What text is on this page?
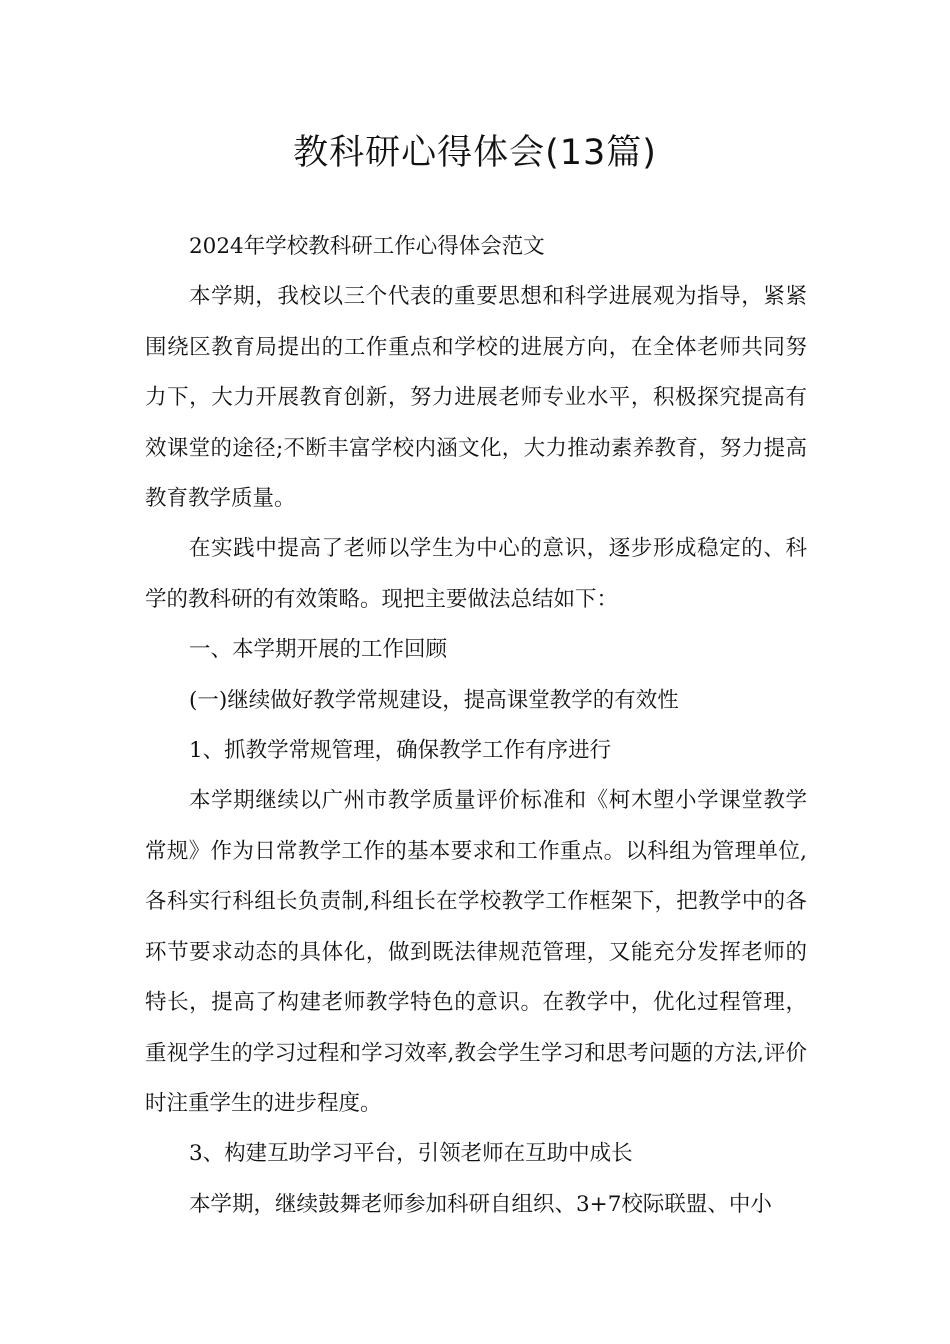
教科研心得体会(13篇)

2024年学校教科研工作心得体会范文

本学期，我校以三个代表的重要思想和科学进展观为指导，紧紧围绕区教育局提出的工作重点和学校的进展方向，在全体老师共同努力下，大力开展教育创新，努力进展老师专业水平，积极探究提高有效课堂的途径;不断丰富学校内涵文化，大力推动素养教育，努力提高教育教学质量。

在实践中提高了老师以学生为中心的意识，逐步形成稳定的、科学的教科研的有效策略。现把主要做法总结如下：

一、本学期开展的工作回顾

(一)继续做好教学常规建设，提高课堂教学的有效性

1、抓教学常规管理，确保教学工作有序进行

本学期继续以广州市教学质量评价标准和《柯木塱小学课堂教学常规》作为日常教学工作的基本要求和工作重点。以科组为管理单位,各科实行科组长负责制,科组长在学校教学工作框架下，把教学中的各环节要求动态的具体化，做到既法律规范管理，又能充分发挥老师的特长，提高了构建老师教学特色的意识。在教学中，优化过程管理，重视学生的学习过程和学习效率,教会学生学习和思考问题的方法,评价时注重学生的进步程度。

3、构建互助学习平台，引领老师在互助中成长

本学期，继续鼓舞老师参加科研自组织、3+7校际联盟、中小
